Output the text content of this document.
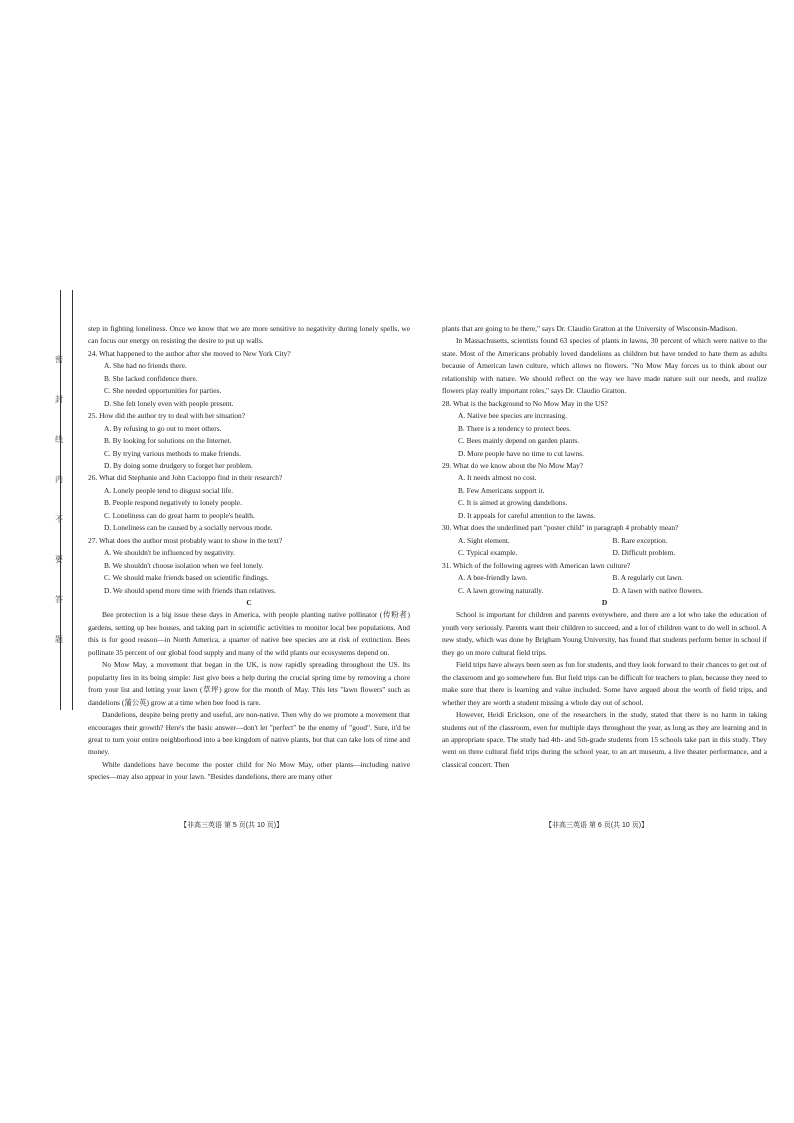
密
封
线
内
不
要
答
题

step in fighting loneliness. Once we know that we are more sensitive to negativity during lonely spells, we can focus our energy on resisting the desire to put up walls.

24. What happened to the author after she moved to New York City?

A. She had no friends there.

B. She lacked confidence there.

C. She needed opportunities for parties.

D. She felt lonely even with people present.

25. How did the author try to deal with her situation?

A. By refusing to go out to meet others.

B. By looking for solutions on the Internet.

C. By trying various methods to make friends.

D. By doing some drudgery to forget her problem.

26. What did Stephanie and John Cacioppo find in their research?

A. Lonely people tend to disgust social life.

B. People respond negatively to lonely people.

C. Loneliness can do great harm to people's health.

D. Loneliness can be caused by a socially nervous mode.

27. What does the author most probably want to show in the text?

A. We shouldn't be influenced by negativity.

B. We shouldn't choose isolation when we feel lonely.

C. We should make friends based on scientific findings.

D. We should spend more time with friends than relatives.

C

Bee protection is a big issue these days in America, with people planting native pollinator (传粉者) gardens, setting up bee houses, and taking part in scientific activities to monitor local bee populations. And this is for good reason—in North America, a quarter of native bee species are at risk of extinction. Bees pollinate 35 percent of our global food supply and many of the wild plants our ecosystems depend on.

No Mow May, a movement that began in the UK, is now rapidly spreading throughout the US. Its popularity lies in its being simple: Just give bees a help during the crucial spring time by removing a chore from your list and letting your lawn (草坪) grow for the month of May. This lets "lawn flowers" such as dandelions (蒲公英) grow at a time when bee food is rare.

Dandelions, despite being pretty and useful, are non-native. Then why do we promote a movement that encourages their growth? Here's the basic answer—don't let "perfect" be the enemy of "good". Sure, it'd be great to turn your entire neighborhood into a bee kingdom of native plants, but that can take lots of time and money.

While dandelions have become the poster child for No Mow May, other plants—including native species—may also appear in your lawn. "Besides dandelions, there are many other

plants that are going to be there," says Dr. Claudio Gratton at the University of Wisconsin-Madison.

In Massachusetts, scientists found 63 species of plants in lawns, 30 percent of which were native to the state. Most of the Americans probably loved dandelions as children but have tended to hate them as adults because of American lawn culture, which allows no flowers. "No Mow May forces us to think about our relationship with nature. We should reflect on the way we have made nature suit our needs, and realize flowers play really important roles," says Dr. Claudio Gratton.

28. What is the background to No Mow May in the US?

A. Native bee species are increasing.

B. There is a tendency to protect bees.

C. Bees mainly depend on garden plants.

D. More people have no time to cut lawns.

29. What do we know about the No Mow May?

A. It needs almost no cost.

B. Few Americans support it.

C. It is aimed at growing dandelions.

D. It appeals for careful attention to the lawns.

30. What does the underlined part "poster child" in paragraph 4 probably mean?

A. Sight element.	B. Rare exception.
C. Typical example.	D. Difficult problem.

31. Which of the following agrees with American lawn culture?

A. A bee-friendly lawn.	B. A regularly cut lawn.
C. A lawn growing naturally.	D. A lawn with native flowers.

D

School is important for children and parents everywhere, and there are a lot who take the education of youth very seriously. Parents want their children to succeed, and a lot of children want to do well in school. A new study, which was done by Brigham Young University, has found that students perform better in school if they go on more cultural field trips.

Field trips have always been seen as fun for students, and they look forward to their chances to get out of the classroom and go somewhere fun. But field trips can be difficult for teachers to plan, because they need to make sure that there is learning and value included. Some have argued about the worth of field trips, and whether they are worth a student missing a whole day out of school.

However, Heidi Erickson, one of the researchers in the study, stated that there is no harm in taking students out of the classroom, even for multiple days throughout the year, as long as they are learning and in an appropriate space. The study had 4th- and 5th-grade students from 15 schools take part in this study. They went on three cultural field trips during the school year, to an art museum, a live theater performance, and a classical concert. Then

【非高三英语 第 5 页(共 10 页)】	【非高三英语 第 6 页(共 10 页)】
